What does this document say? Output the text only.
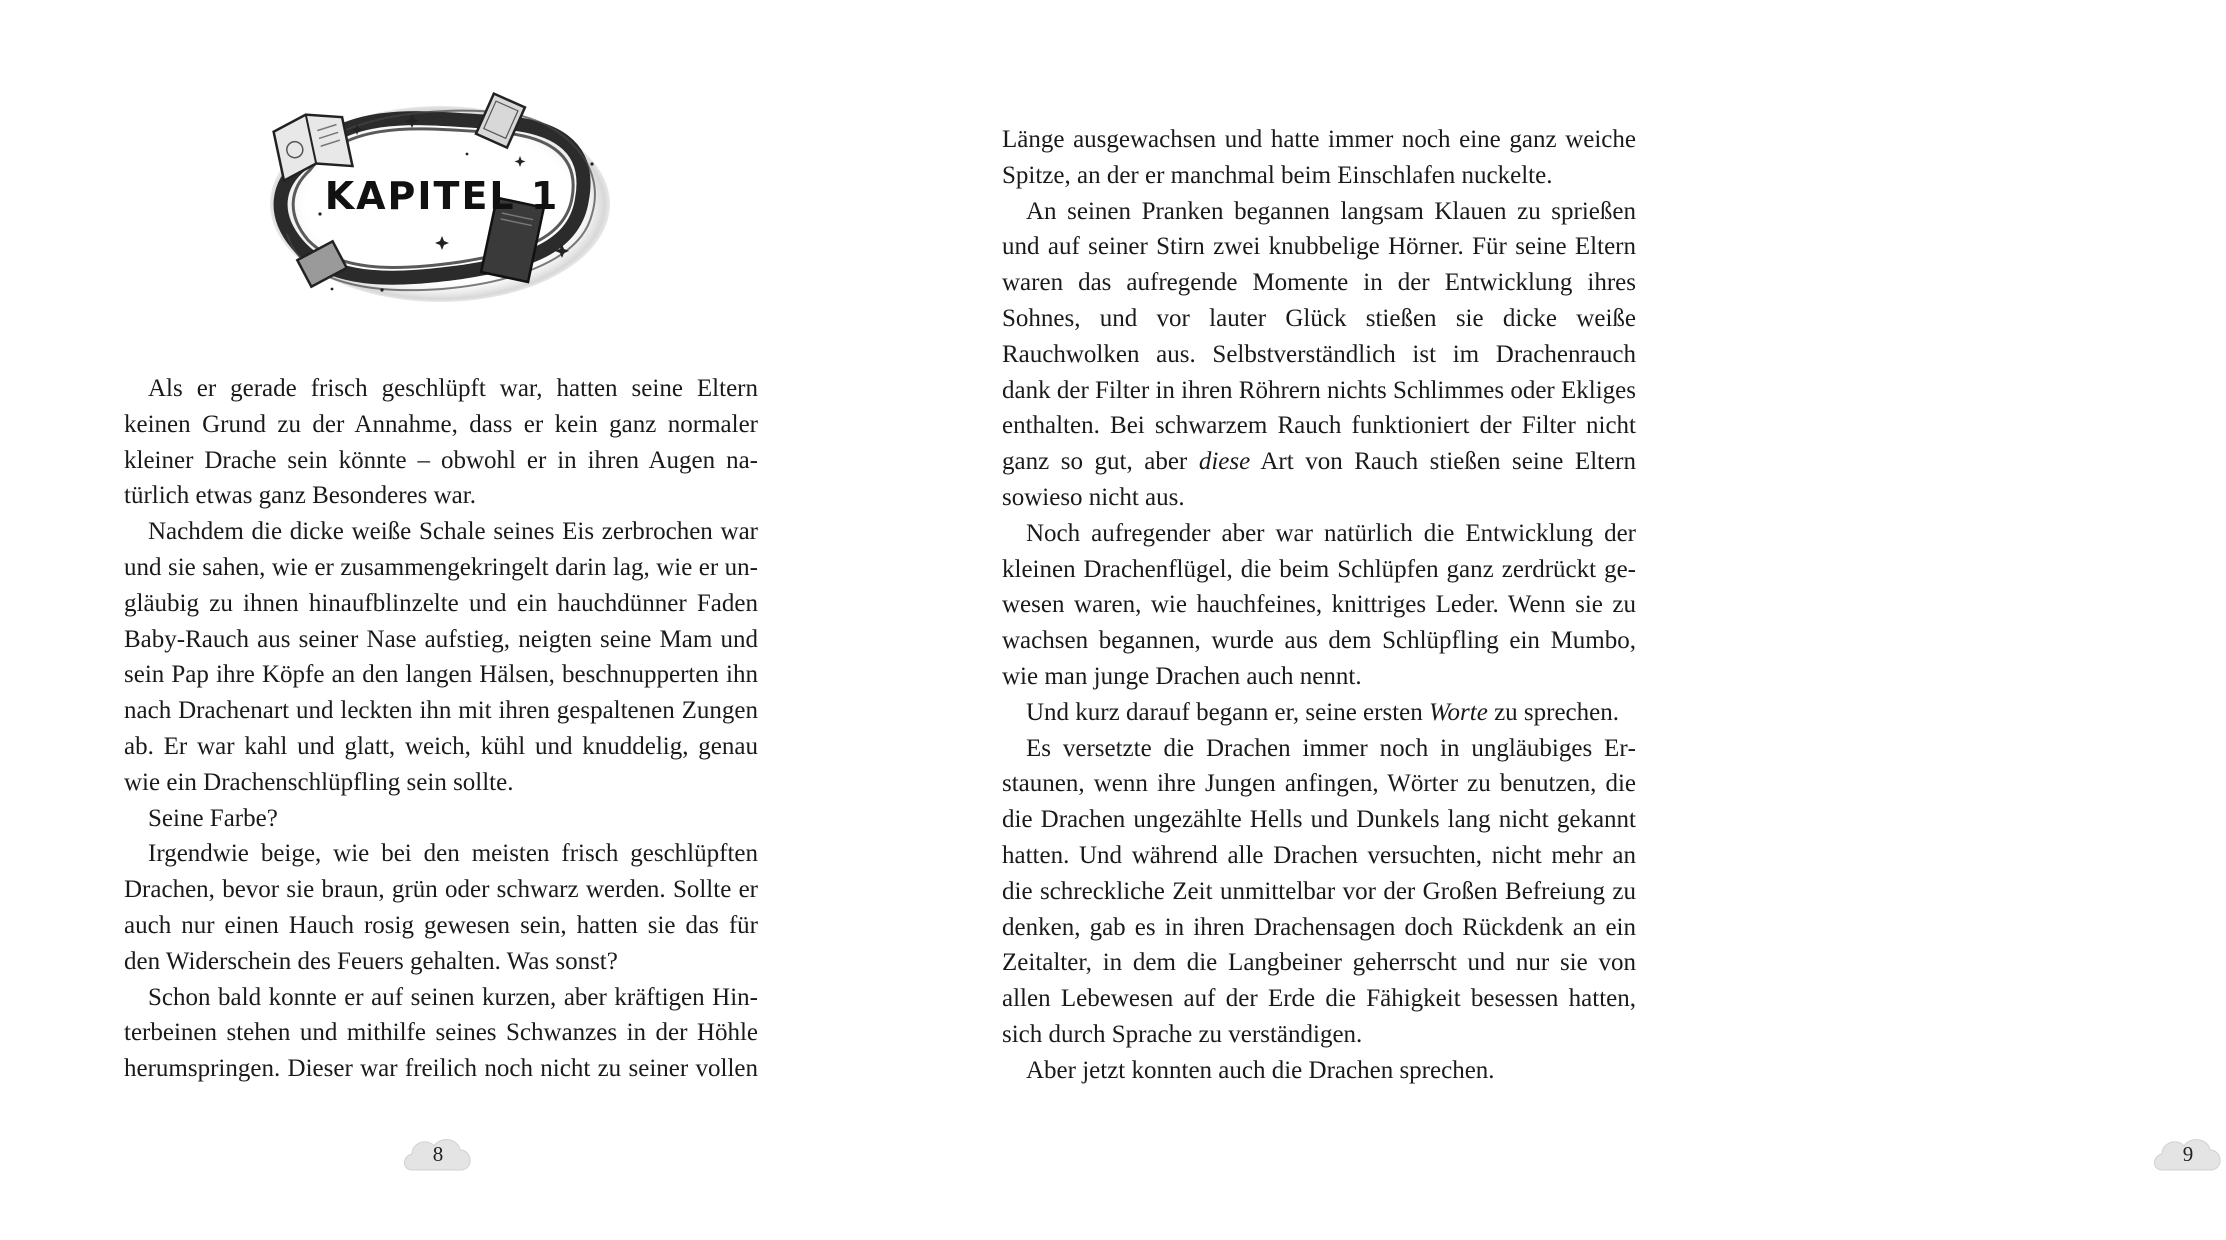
KAPITEL 1

Als er gerade frisch geschlüpft war, hatten seine Eltern keinen Grund zu der Annahme, dass er kein ganz normaler kleiner Drache sein könnte – obwohl er in ihren Augen natürlich etwas ganz Besonderes war.

Nachdem die dicke weiße Schale seines Eis zerbrochen war und sie sahen, wie er zusammengekringelt darin lag, wie er ungläubig zu ihnen hinaufblinzelte und ein hauchdünner Faden Baby-Rauch aus seiner Nase aufstieg, neigten seine Mam und sein Pap ihre Köpfe an den langen Hälsen, beschnupperten ihn nach Drachenart und leckten ihn mit ihren gespaltenen Zungen ab. Er war kahl und glatt, weich, kühl und knuddelig, genau wie ein Drachenschlüpfling sein sollte.

Seine Farbe?

Irgendwie beige, wie bei den meisten frisch geschlüpften Drachen, bevor sie braun, grün oder schwarz werden. Sollte er auch nur einen Hauch rosig gewesen sein, hatten sie das für den Widerschein des Feuers gehalten. Was sonst?

Schon bald konnte er auf seinen kurzen, aber kräftigen Hinterbeinen stehen und mithilfe seines Schwanzes in der Höhle herumspringen. Dieser war freilich noch nicht zu seiner vollen

8

Länge ausgewachsen und hatte immer noch eine ganz weiche Spitze, an der er manchmal beim Einschlafen nuckelte.

An seinen Pranken begannen langsam Klauen zu sprießen und auf seiner Stirn zwei knubbelige Hörner. Für seine Eltern waren das aufregende Momente in der Entwicklung ihres Sohnes, und vor lauter Glück stießen sie dicke weiße Rauchwolken aus. Selbstverständlich ist im Drachenrauch dank der Filter in ihren Röhrern nichts Schlimmes oder Ekliges enthalten. Bei schwarzem Rauch funktioniert der Filter nicht ganz so gut, aber diese Art von Rauch stießen seine Eltern sowieso nicht aus.

Noch aufregender aber war natürlich die Entwicklung der kleinen Drachenflügel, die beim Schlüpfen ganz zerdrückt gewesen waren, wie hauchfeines, knittriges Leder. Wenn sie zu wachsen begannen, wurde aus dem Schlüpfling ein Mumbo, wie man junge Drachen auch nennt.

Und kurz darauf begann er, seine ersten Worte zu sprechen.

Es versetzte die Drachen immer noch in ungläubiges Erstaunen, wenn ihre Jungen anfingen, Wörter zu benutzen, die die Drachen ungezählte Hells und Dunkels lang nicht gekannt hatten. Und während alle Drachen versuchten, nicht mehr an die schreckliche Zeit unmittelbar vor der Großen Befreiung zu denken, gab es in ihren Drachensagen doch Rückdenk an ein Zeitalter, in dem die Langbeiner geherrscht und nur sie von allen Lebewesen auf der Erde die Fähigkeit besessen hatten, sich durch Sprache zu verständigen.

Aber jetzt konnten auch die Drachen sprechen.

9
